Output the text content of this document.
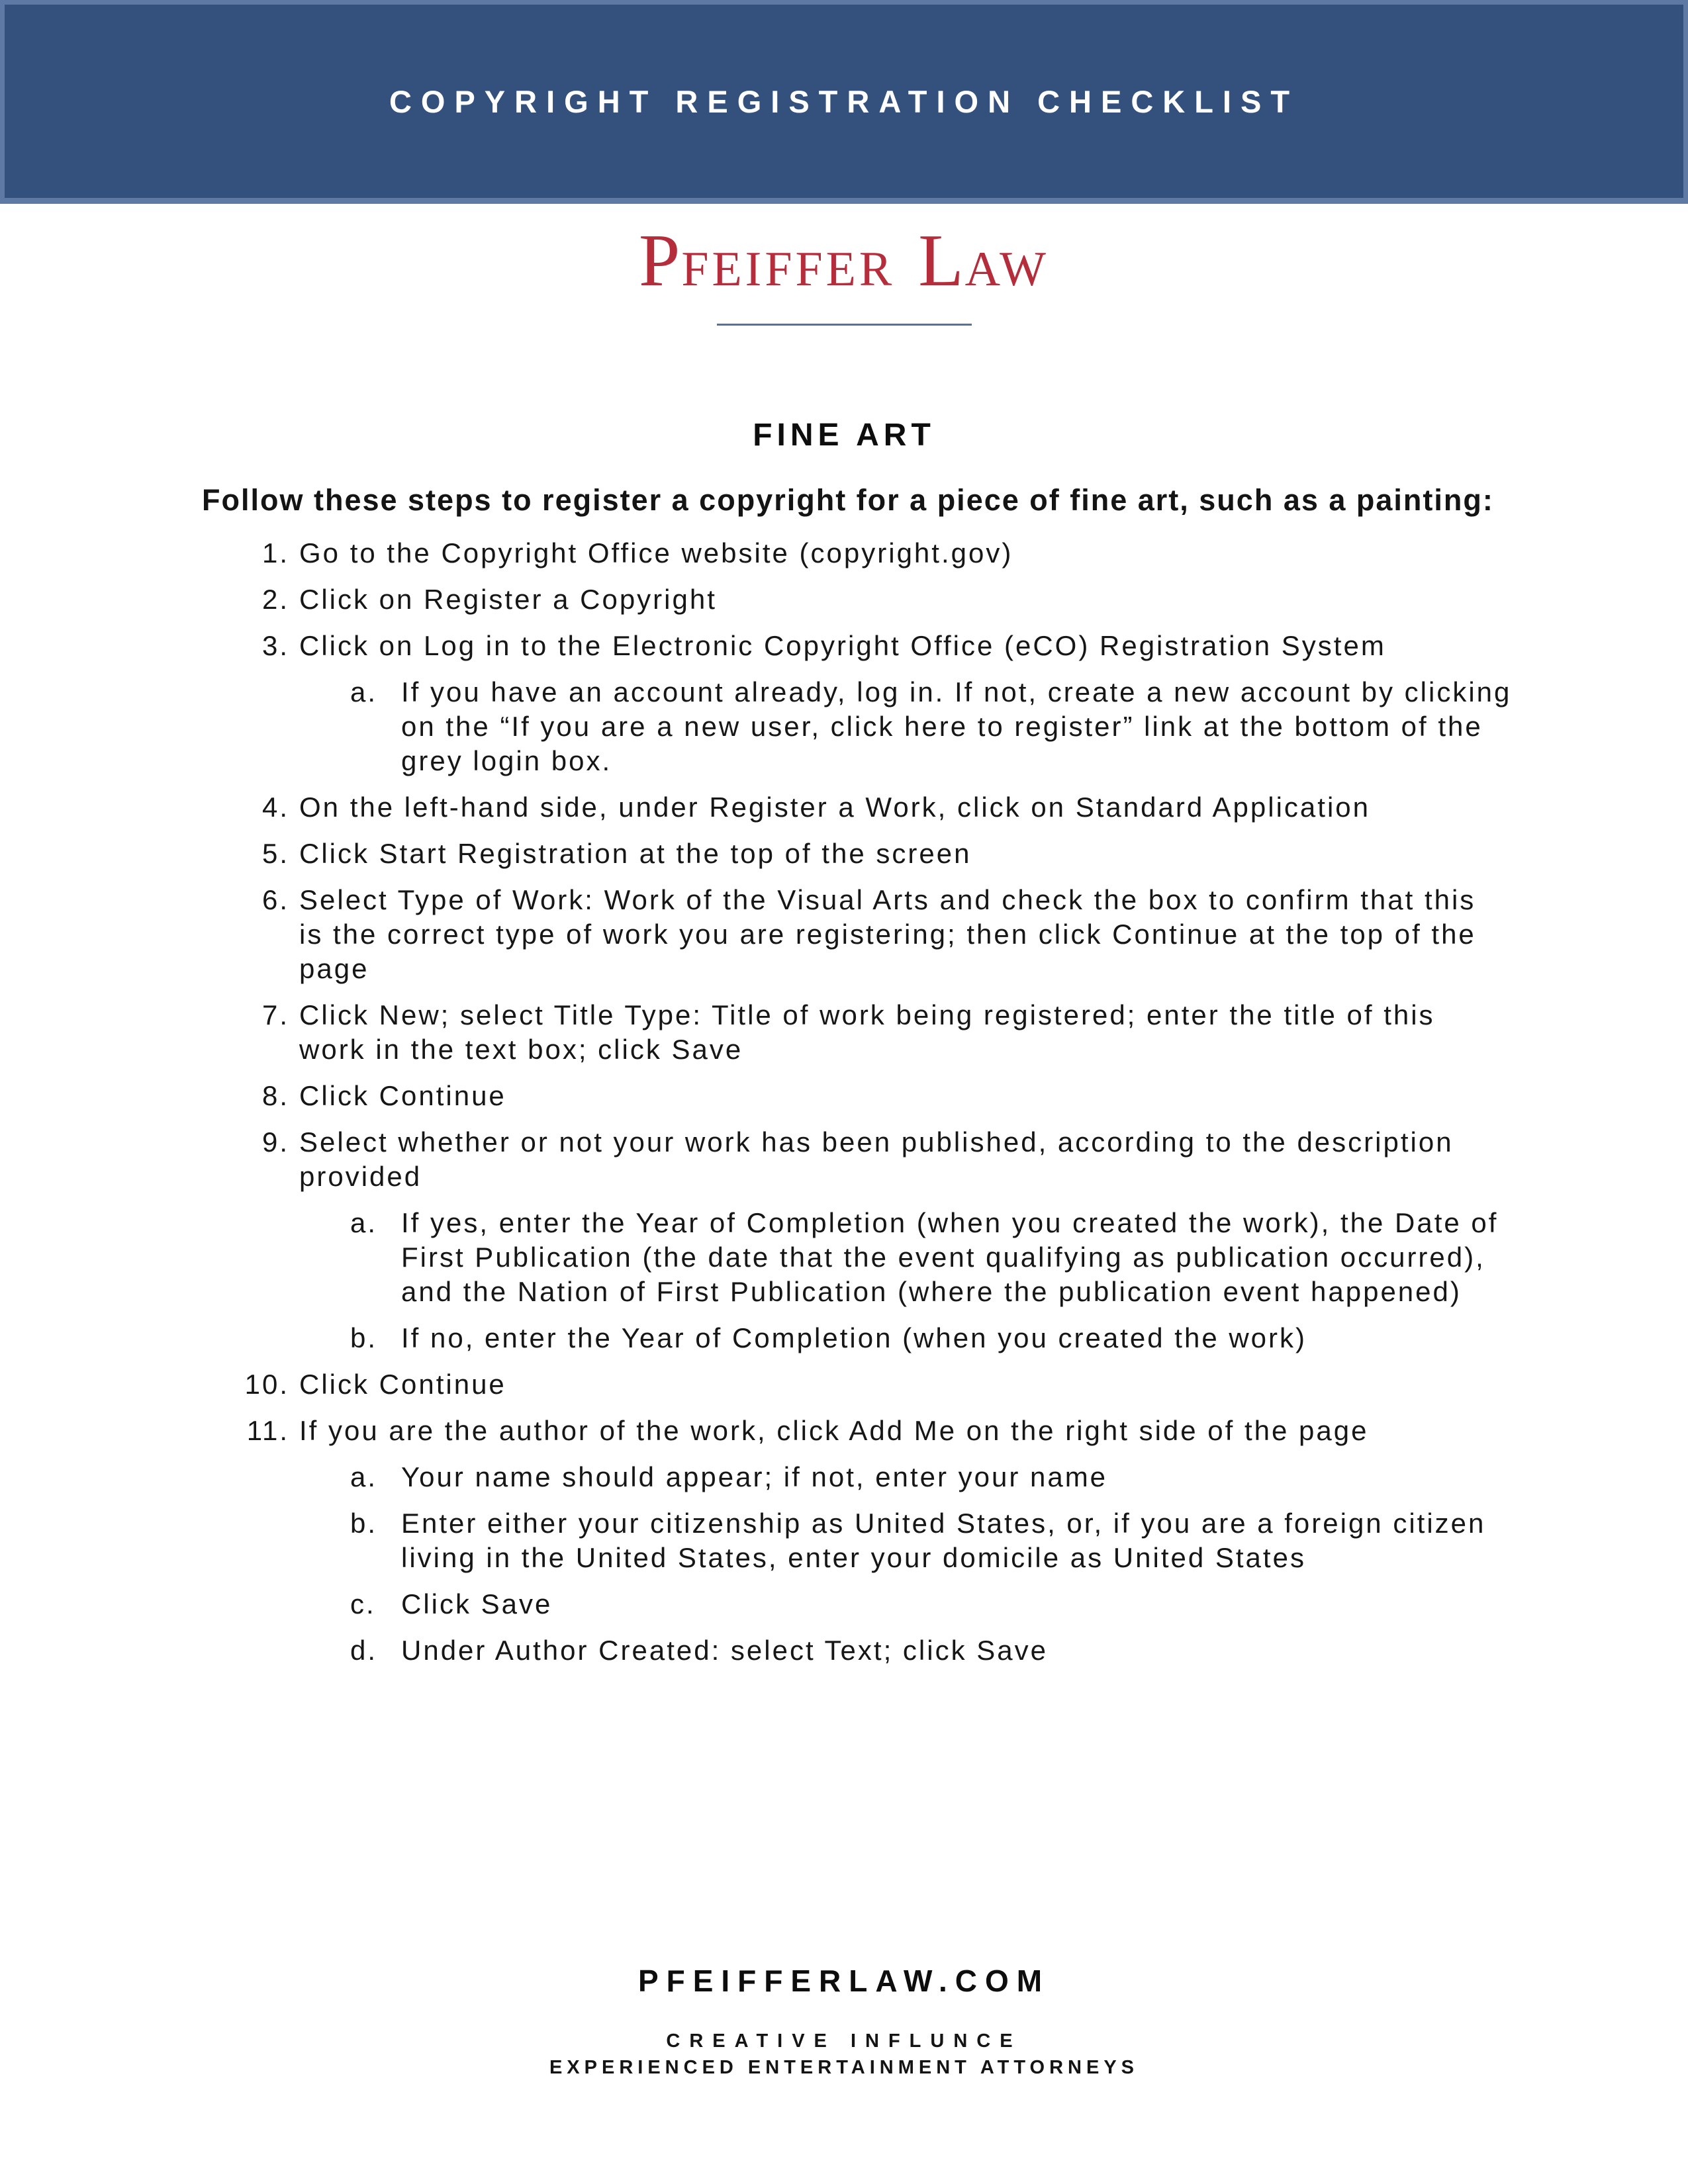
COPYRIGHT REGISTRATION CHECKLIST
PFEIFFER LAW
FINE ART

Follow these steps to register a copyright for a piece of fine art, such as a painting:

1. Go to the Copyright Office website (copyright.gov)
2. Click on Register a Copyright
3. Click on Log in to the Electronic Copyright Office (eCO) Registration System
a. If you have an account already, log in. If not, create a new account by clicking on the “If you are a new user, click here to register” link at the bottom of the grey login box.
4. On the left-hand side, under Register a Work, click on Standard Application
5. Click Start Registration at the top of the screen
6. Select Type of Work: Work of the Visual Arts and check the box to confirm that this is the correct type of work you are registering; then click Continue at the top of the page
7. Click New; select Title Type: Title of work being registered; enter the title of this work in the text box; click Save
8. Click Continue
9. Select whether or not your work has been published, according to the description provided
a. If yes, enter the Year of Completion (when you created the work), the Date of First Publication (the date that the event qualifying as publication occurred), and the Nation of First Publication (where the publication event happened)
b. If no, enter the Year of Completion (when you created the work)
10. Click Continue
11. If you are the author of the work, click Add Me on the right side of the page
a. Your name should appear; if not, enter your name
b. Enter either your citizenship as United States, or, if you are a foreign citizen living in the United States, enter your domicile as United States
c. Click Save
d. Under Author Created: select Text; click Save
PFEIFFERLAW.COM
CREATIVE INFLUNCE
EXPERIENCED ENTERTAINMENT ATTORNEYS
